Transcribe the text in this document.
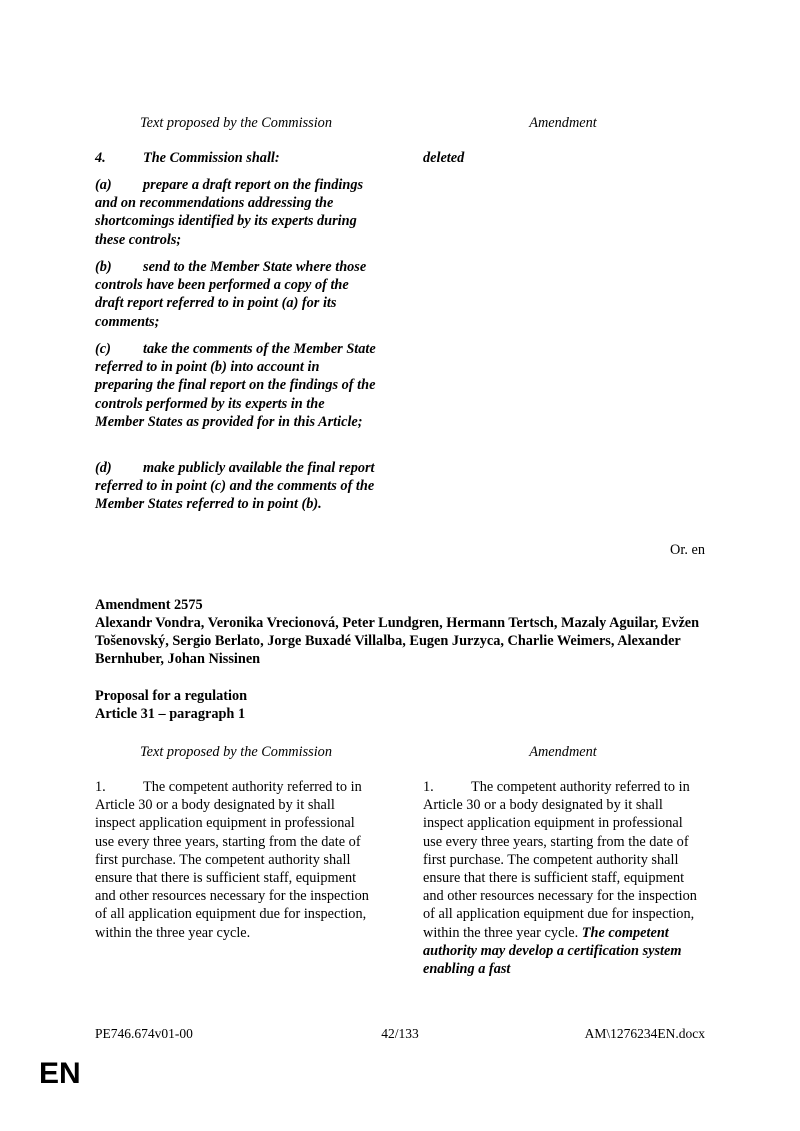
Text proposed by the Commission	Amendment

4.	The Commission shall:

(a) prepare a draft report on the findings and on recommendations addressing the shortcomings identified by its experts during these controls;

(b) send to the Member State where those controls have been performed a copy of the draft report referred to in point (a) for its comments;

(c) take the comments of the Member State referred to in point (b) into account in preparing the final report on the findings of the controls performed by its experts in the Member States as provided for in this Article;

(d) make publicly available the final report referred to in point (c) and the comments of the Member States referred to in point (b).

deleted
Or. en
Amendment 2575
Alexandr Vondra, Veronika Vrecionová, Peter Lundgren, Hermann Tertsch, Mazaly Aguilar, Evžen Tošenovský, Sergio Berlato, Jorge Buxadé Villalba, Eugen Jurzyca, Charlie Weimers, Alexander Bernhuber, Johan Nissinen
Proposal for a regulation
Article 31 – paragraph 1
Text proposed by the Commission	Amendment

1.	The competent authority referred to in Article 30 or a body designated by it shall inspect application equipment in professional use every three years, starting from the date of first purchase. The competent authority shall ensure that there is sufficient staff, equipment and other resources necessary for the inspection of all application equipment due for inspection, within the three year cycle.

1.	The competent authority referred to in Article 30 or a body designated by it shall inspect application equipment in professional use every three years, starting from the date of first purchase. The competent authority shall ensure that there is sufficient staff, equipment and other resources necessary for the inspection of all application equipment due for inspection, within the three year cycle. The competent authority may develop a certification system enabling a fast

PE746.674v01-00	42/133	AM\1276234EN.docx
EN
